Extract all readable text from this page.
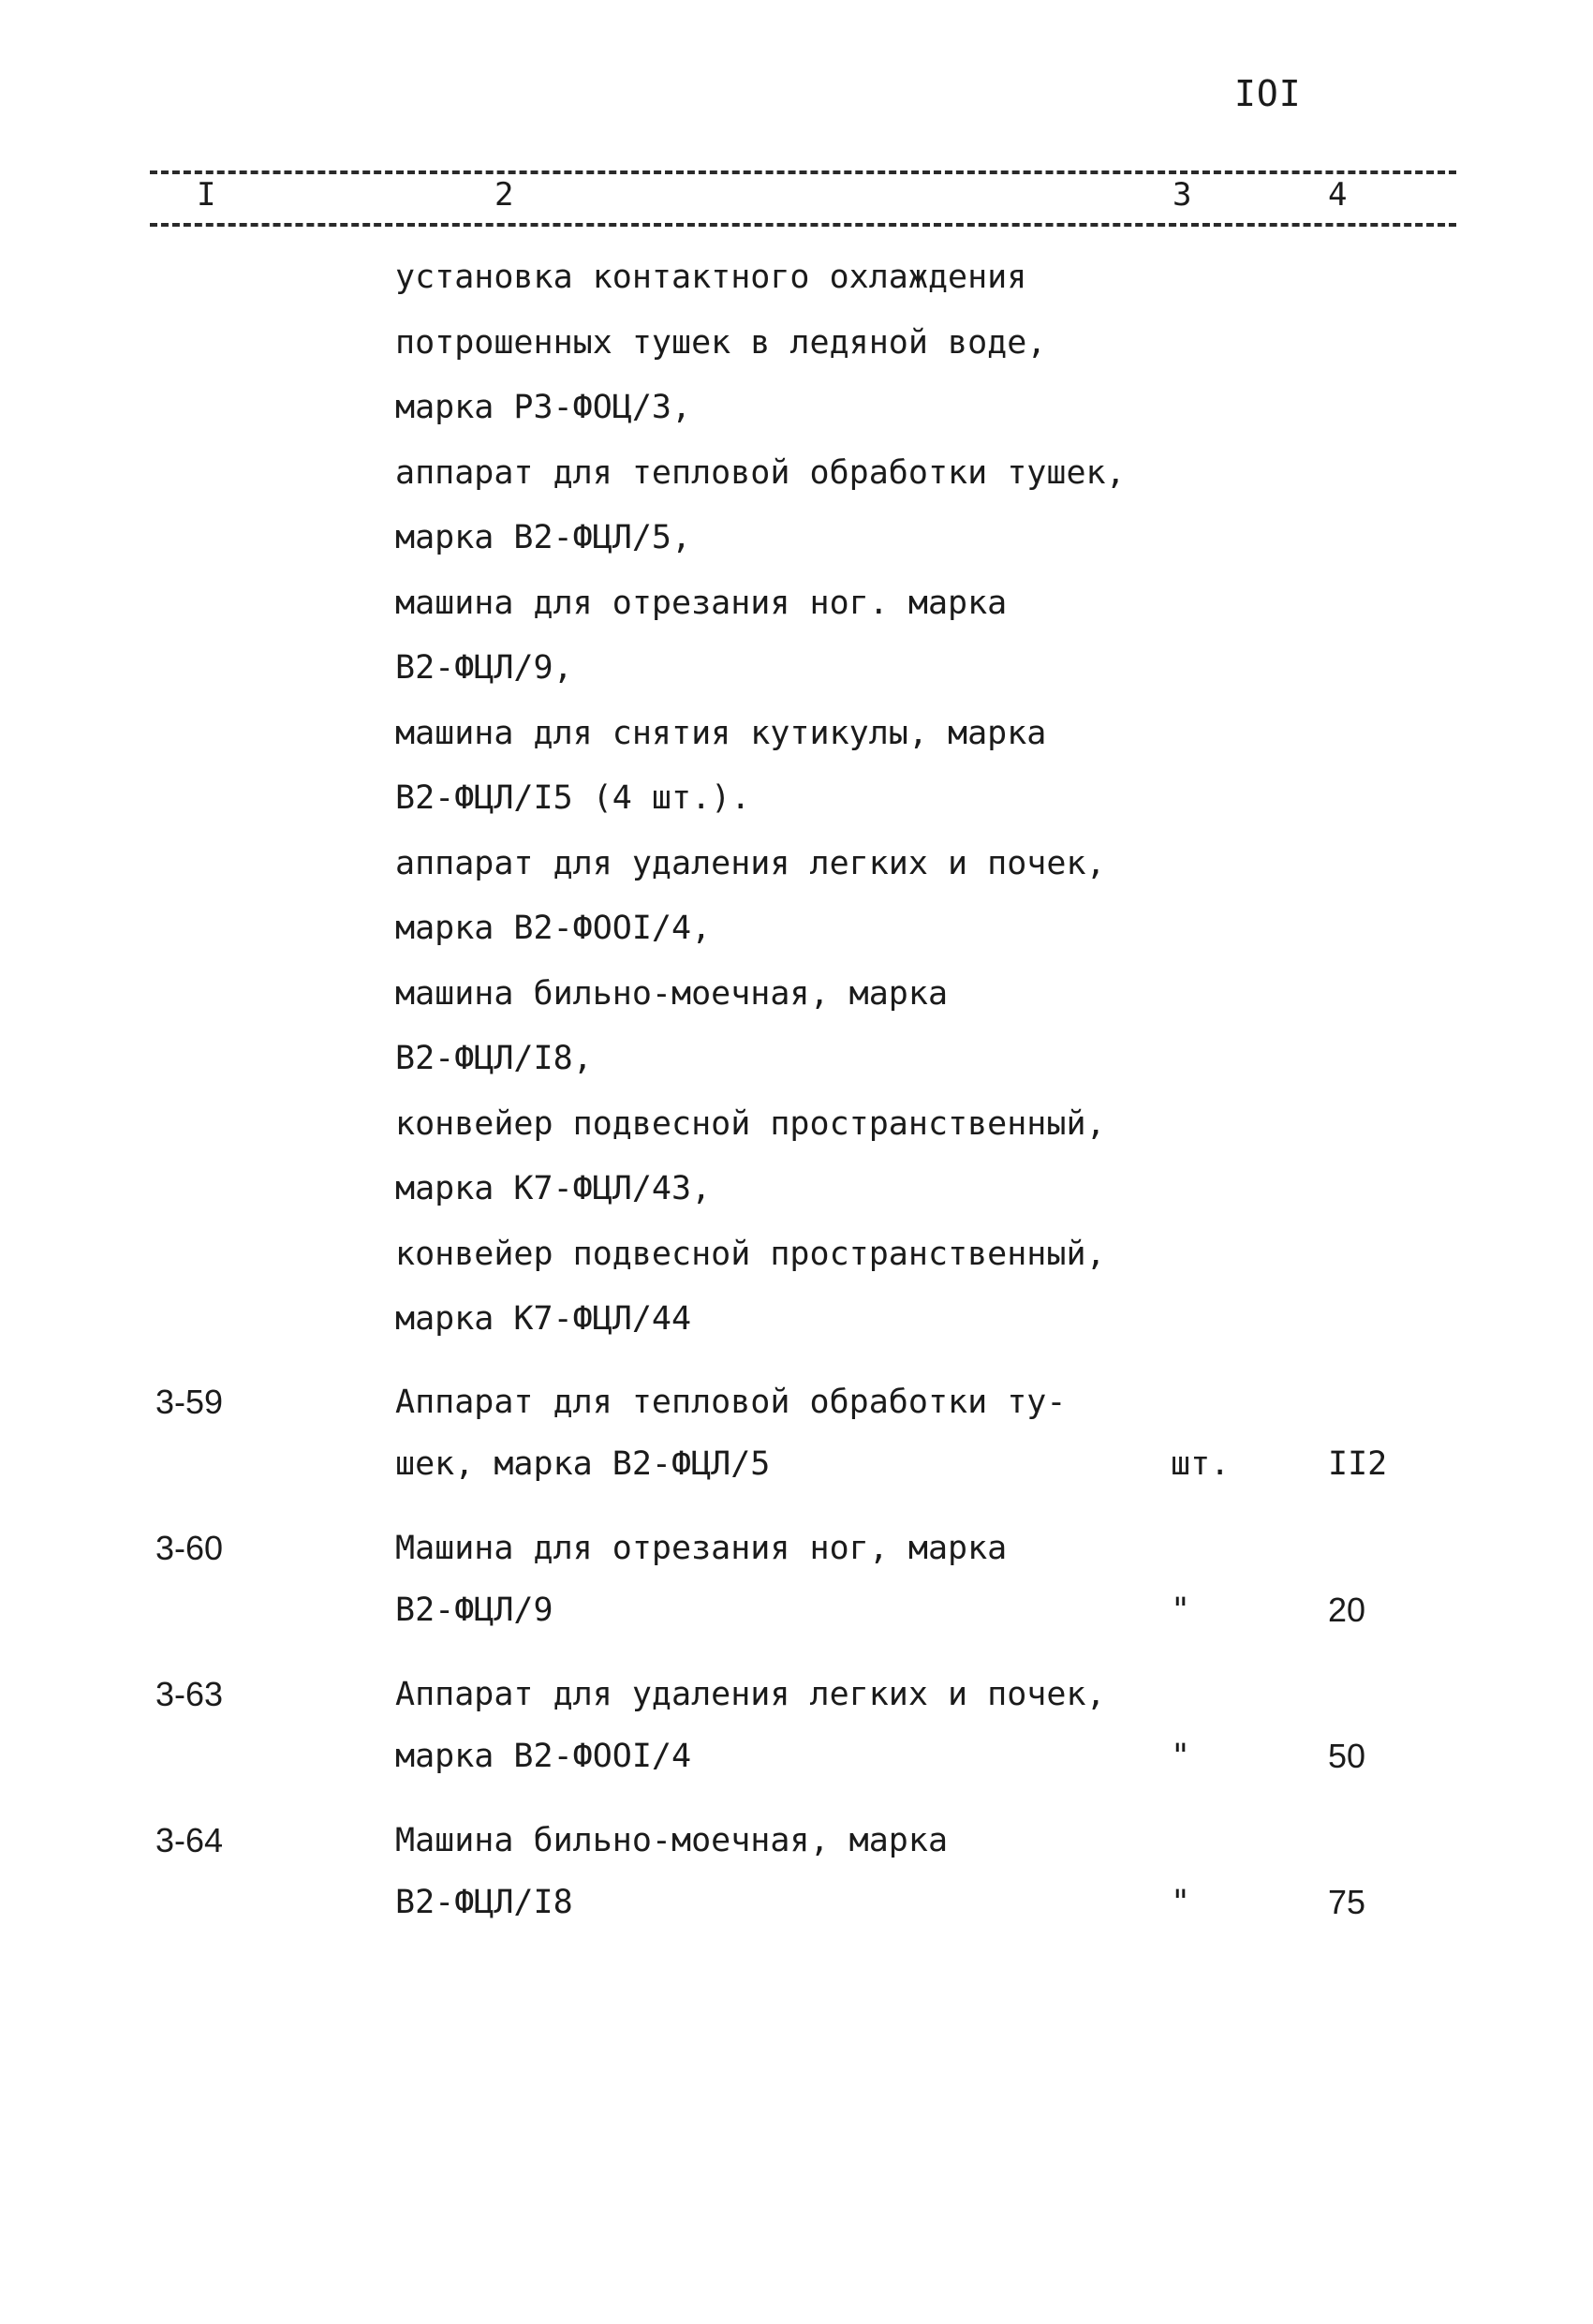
IOI
I	2	3	4
установка контактного охлаждения
потрошенных тушек в ледяной воде,
марка РЗ-ФОЦ/3,
аппарат для тепловой обработки тушек,
марка В2-ФЦЛ/5,
машина для отрезания ног. марка
В2-ФЦЛ/9,
машина для снятия кутикулы, марка
В2-ФЦЛ/I5 (4 шт.).
аппарат для удаления легких и почек,
марка В2-ФООI/4,
машина бильно-моечная, марка
В2-ФЦЛ/I8,
конвейер подвесной пространственный,
марка К7-ФЦЛ/43,
конвейер подвесной пространственный,
марка К7-ФЦЛ/44
3-59	Аппарат для тепловой обработки ту-
шек, марка В2-ФЦЛ/5	шт.	II2
3-60	Машина для отрезания ног, марка
В2-ФЦЛ/9	"	20
3-63	Аппарат для удаления легких и почек,
марка В2-ФООI/4	"	50
3-64	Машина бильно-моечная, марка
В2-ФЦЛ/I8	"	75
